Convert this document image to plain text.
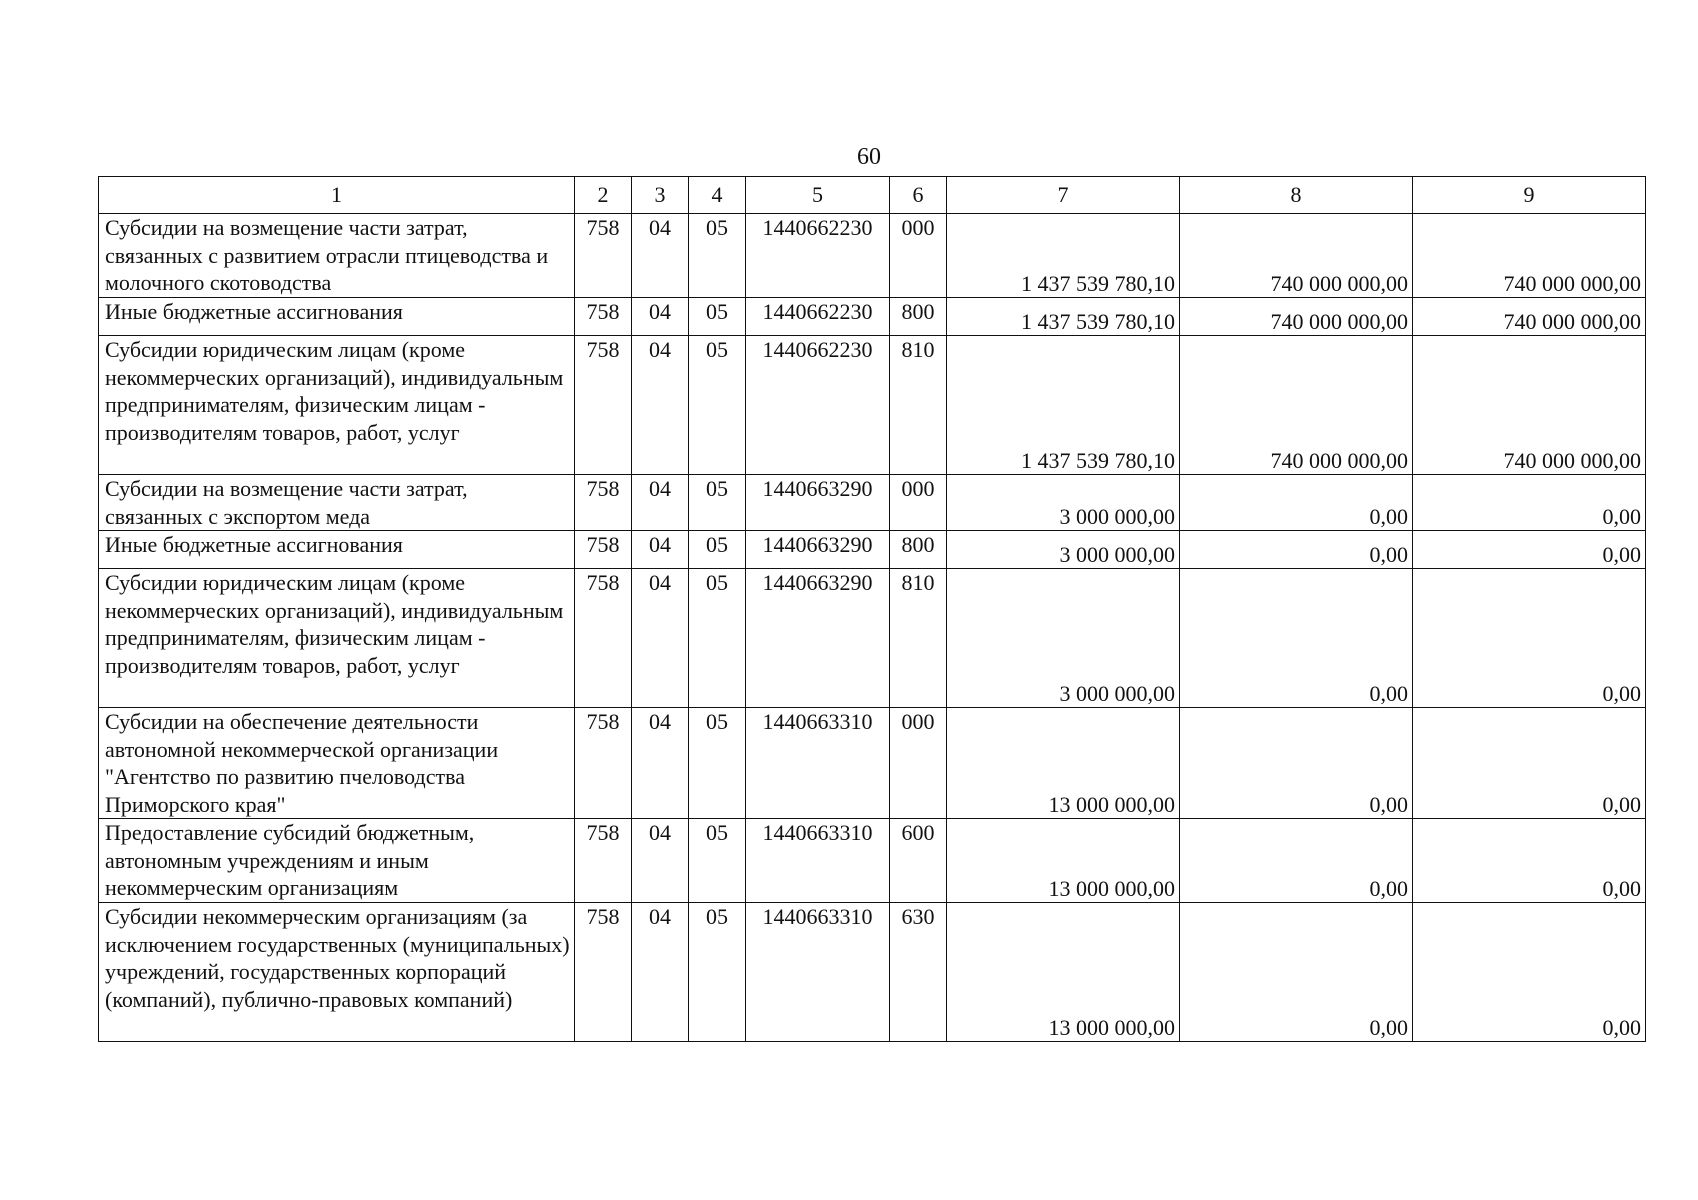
60
1	2	3	4	5	6	7	8	9
Субсидии на возмещение части затрат, связанных с развитием отрасли птицеводства и молочного скотоводства	758	04	05	1440662230	000	1 437 539 780,10	740 000 000,00	740 000 000,00
Иные бюджетные ассигнования	758	04	05	1440662230	800	1 437 539 780,10	740 000 000,00	740 000 000,00
Субсидии юридическим лицам (кроме некоммерческих организаций), индивидуальным предпринимателям, физическим лицам - производителям товаров, работ, услуг	758	04	05	1440662230	810	1 437 539 780,10	740 000 000,00	740 000 000,00
Субсидии на возмещение части затрат, связанных с экспортом меда	758	04	05	1440663290	000	3 000 000,00	0,00	0,00
Иные бюджетные ассигнования	758	04	05	1440663290	800	3 000 000,00	0,00	0,00
Субсидии юридическим лицам (кроме некоммерческих организаций), индивидуальным предпринимателям, физическим лицам - производителям товаров, работ, услуг	758	04	05	1440663290	810	3 000 000,00	0,00	0,00
Субсидии на обеспечение деятельности автономной некоммерческой организации "Агентство по развитию пчеловодства Приморского края"	758	04	05	1440663310	000	13 000 000,00	0,00	0,00
Предоставление субсидий бюджетным, автономным учреждениям и иным некоммерческим организациям	758	04	05	1440663310	600	13 000 000,00	0,00	0,00
Субсидии некоммерческим организациям (за исключением государственных (муниципальных) учреждений, государственных корпораций (компаний), публично-правовых компаний)	758	04	05	1440663310	630	13 000 000,00	0,00	0,00
